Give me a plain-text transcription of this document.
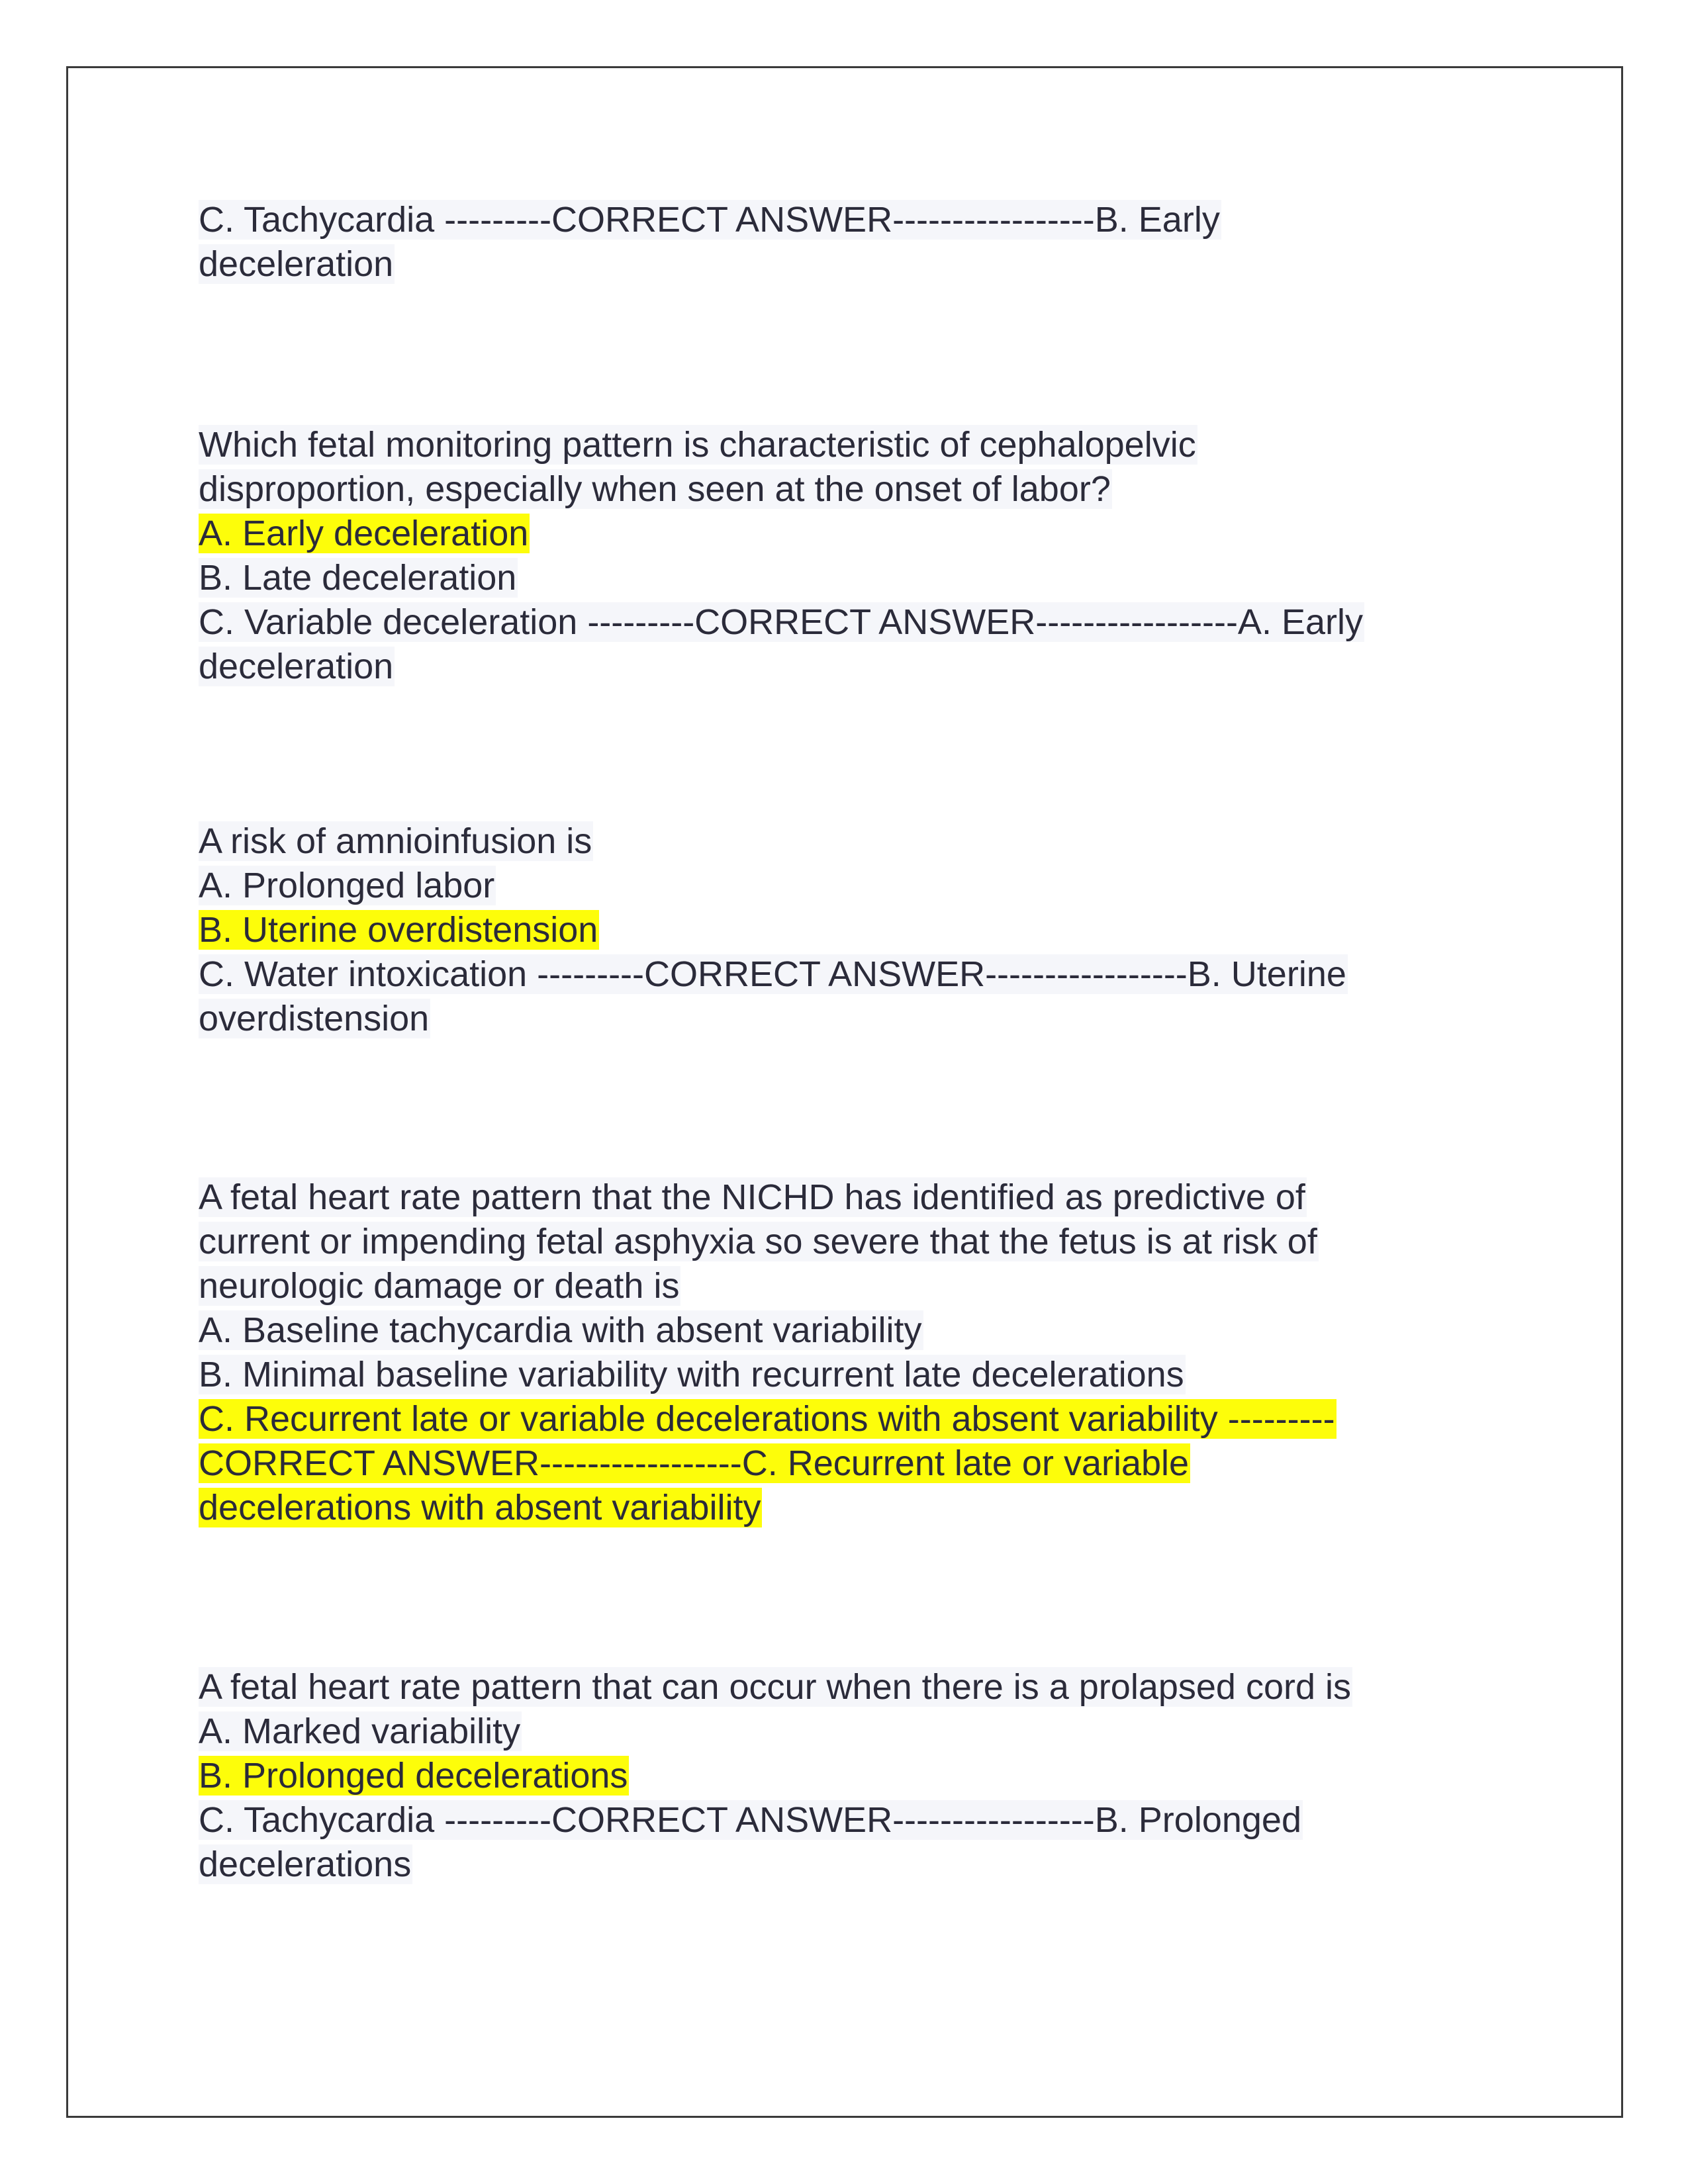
C. Tachycardia ---------CORRECT ANSWER-----------------B. Early
deceleration
Which fetal monitoring pattern is characteristic of cephalopelvic
disproportion, especially when seen at the onset of labor?
A. Early deceleration
B. Late deceleration
C. Variable deceleration ---------CORRECT ANSWER-----------------A. Early
deceleration
A risk of amnioinfusion is
A. Prolonged labor
B. Uterine overdistension
C. Water intoxication ---------CORRECT ANSWER-----------------B. Uterine
overdistension
A fetal heart rate pattern that the NICHD has identified as predictive of
current or impending fetal asphyxia so severe that the fetus is at risk of
neurologic damage or death is
A. Baseline tachycardia with absent variability
B. Minimal baseline variability with recurrent late decelerations
C. Recurrent late or variable decelerations with absent variability ---------
CORRECT ANSWER-----------------C. Recurrent late or variable
decelerations with absent variability
A fetal heart rate pattern that can occur when there is a prolapsed cord is
A. Marked variability
B. Prolonged decelerations
C. Tachycardia ---------CORRECT ANSWER-----------------B. Prolonged
decelerations
